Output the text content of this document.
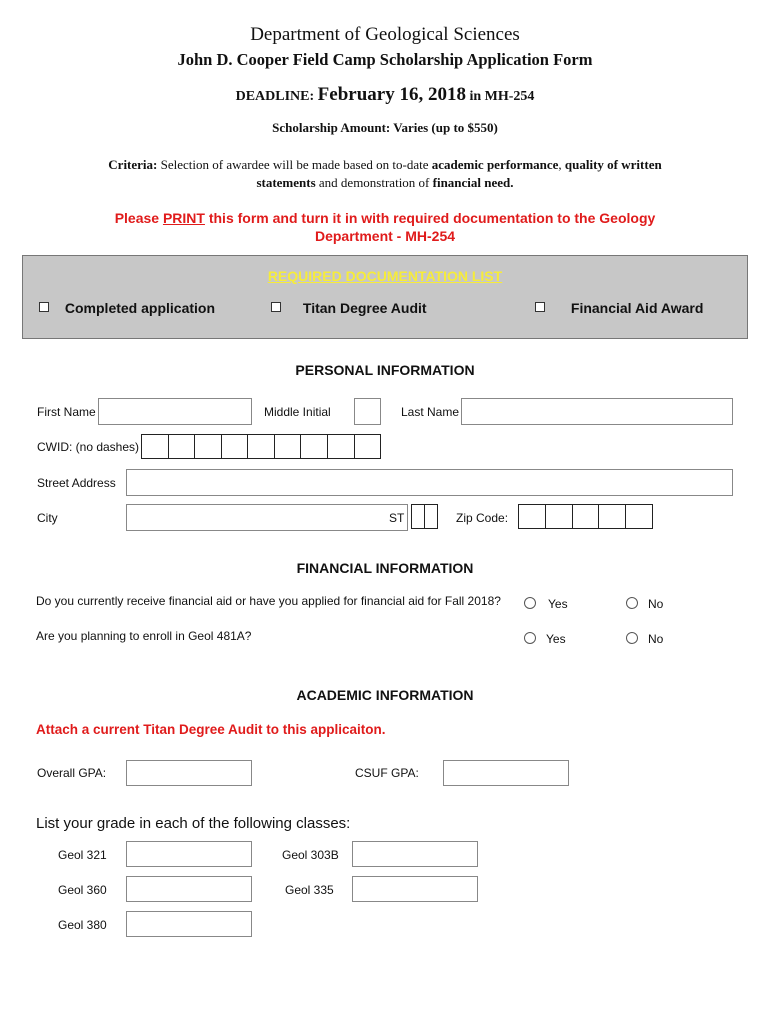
Department of Geological Sciences
John D. Cooper Field Camp Scholarship Application Form
DEADLINE: February 16, 2018 in MH-254
Scholarship Amount: Varies (up to $550)
Criteria: Selection of awardee will be made based on to-date academic performance, quality of written statements and demonstration of financial need.
Please PRINT this form and turn it in with required documentation to the Geology Department - MH-254
REQUIRED DOCUMENTATION LIST
Completed application	Titan Degree Audit	Financial Aid Award
PERSONAL INFORMATION
First Name	Middle Initial	Last Name
CWID: (no dashes)
Street Address
City	ST	Zip Code:
FINANCIAL INFORMATION
Do you currently receive financial aid or have you applied for financial aid for Fall 2018?	Yes	No
Are you planning to enroll in Geol 481A?	Yes	No
ACADEMIC INFORMATION
Attach a current Titan Degree Audit to this applicaiton.
Overall GPA:	CSUF GPA:
List your grade in each of the following classes:
Geol 321	Geol 303B
Geol 360	Geol 335
Geol 380
